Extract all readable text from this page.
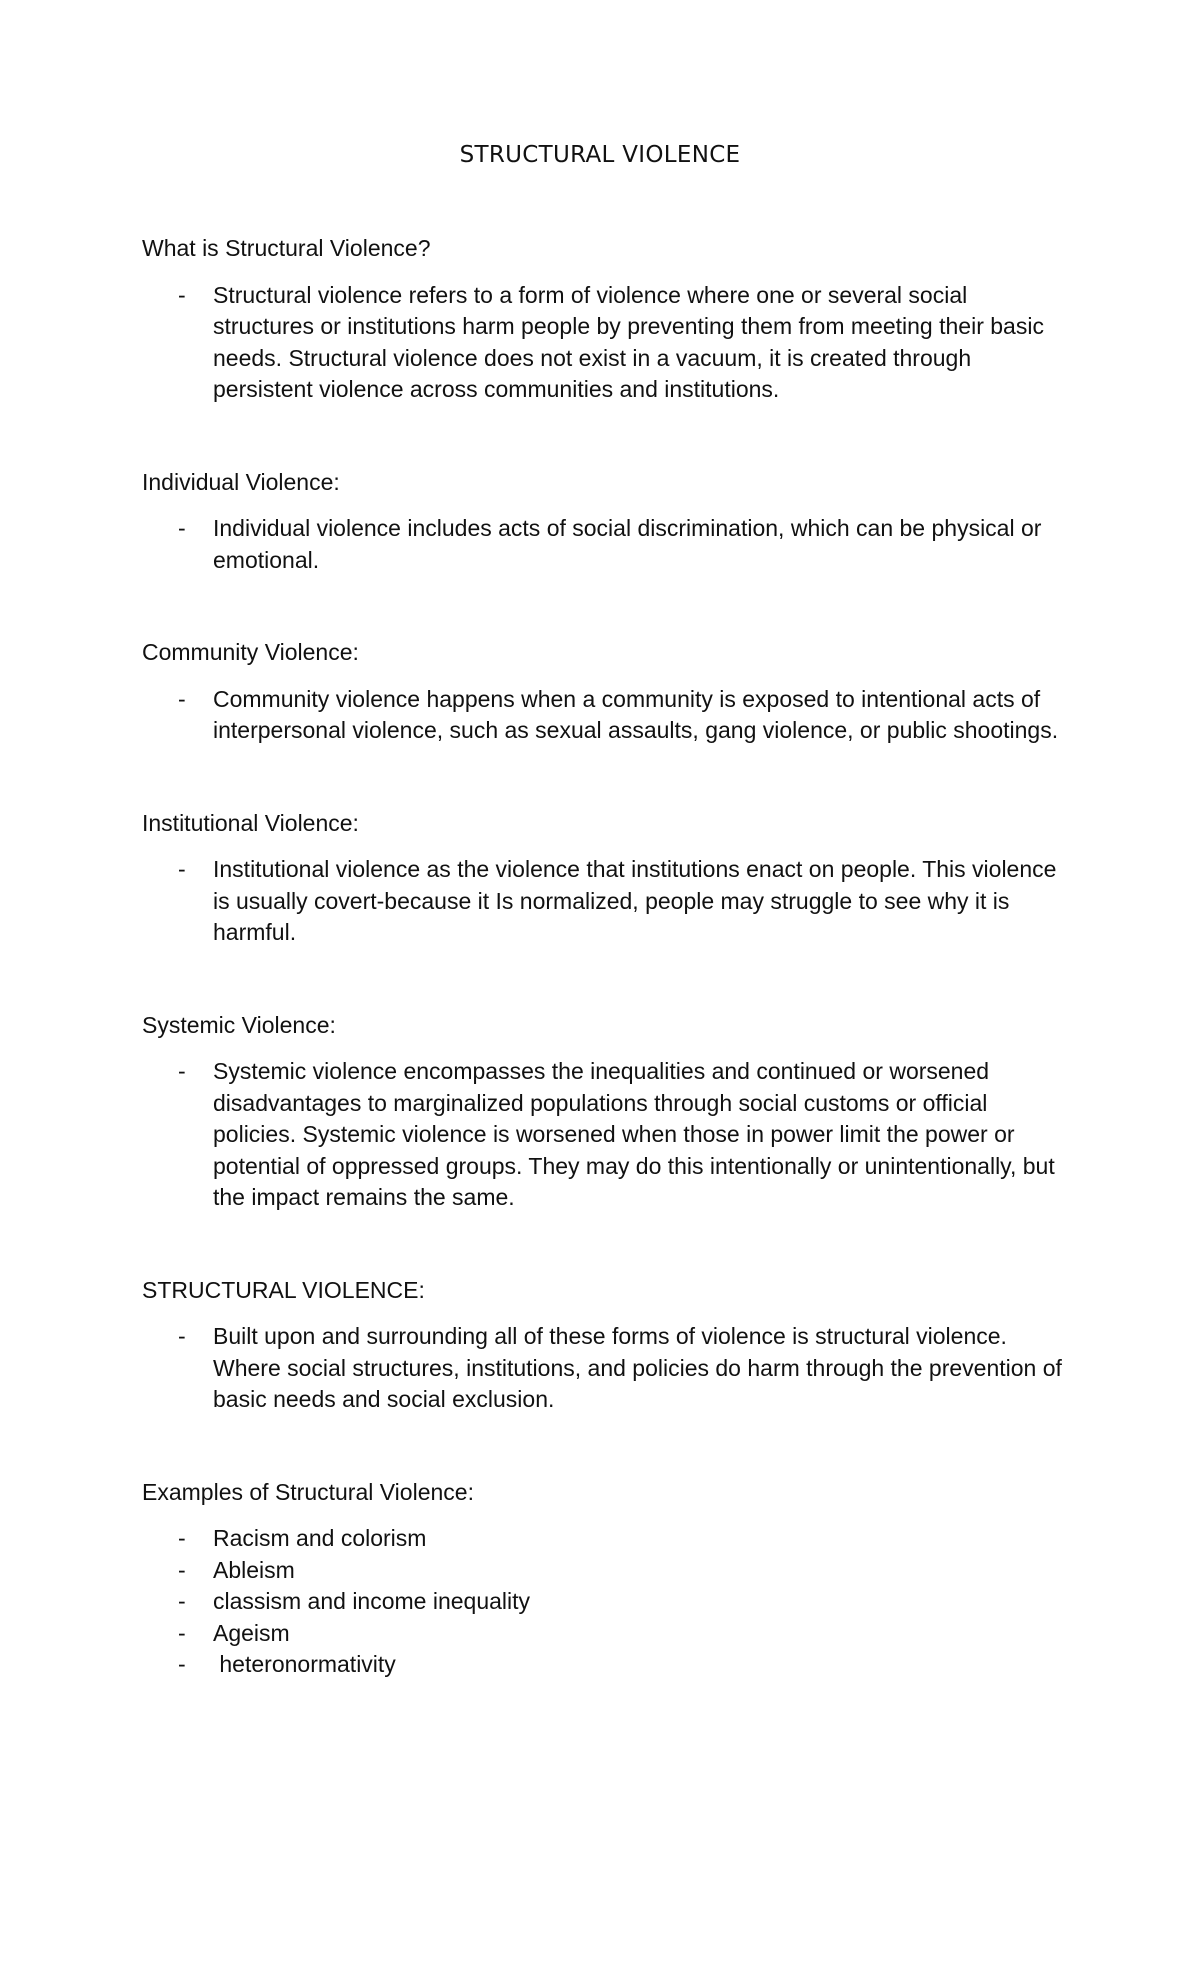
STRUCTURAL VIOLENCE
What is Structural Violence?
- Structural violence refers to a form of violence where one or several social structures or institutions harm people by preventing them from meeting their basic needs. Structural violence does not exist in a vacuum, it is created through persistent violence across communities and institutions.
Individual Violence:
- Individual violence includes acts of social discrimination, which can be physical or emotional.
Community Violence:
- Community violence happens when a community is exposed to intentional acts of interpersonal violence, such as sexual assaults, gang violence, or public shootings.
Institutional Violence:
- Institutional violence as the violence that institutions enact on people. This violence is usually covert-because it Is normalized, people may struggle to see why it is harmful.
Systemic Violence:
- Systemic violence encompasses the inequalities and continued or worsened disadvantages to marginalized populations through social customs or official policies. Systemic violence is worsened when those in power limit the power or potential of oppressed groups. They may do this intentionally or unintentionally, but the impact remains the same.
STRUCTURAL VIOLENCE:
- Built upon and surrounding all of these forms of violence is structural violence. Where social structures, institutions, and policies do harm through the prevention of basic needs and social exclusion.
Examples of Structural Violence:
- Racism and colorism
- Ableism
- classism and income inequality
- Ageism
- heteronormativity
